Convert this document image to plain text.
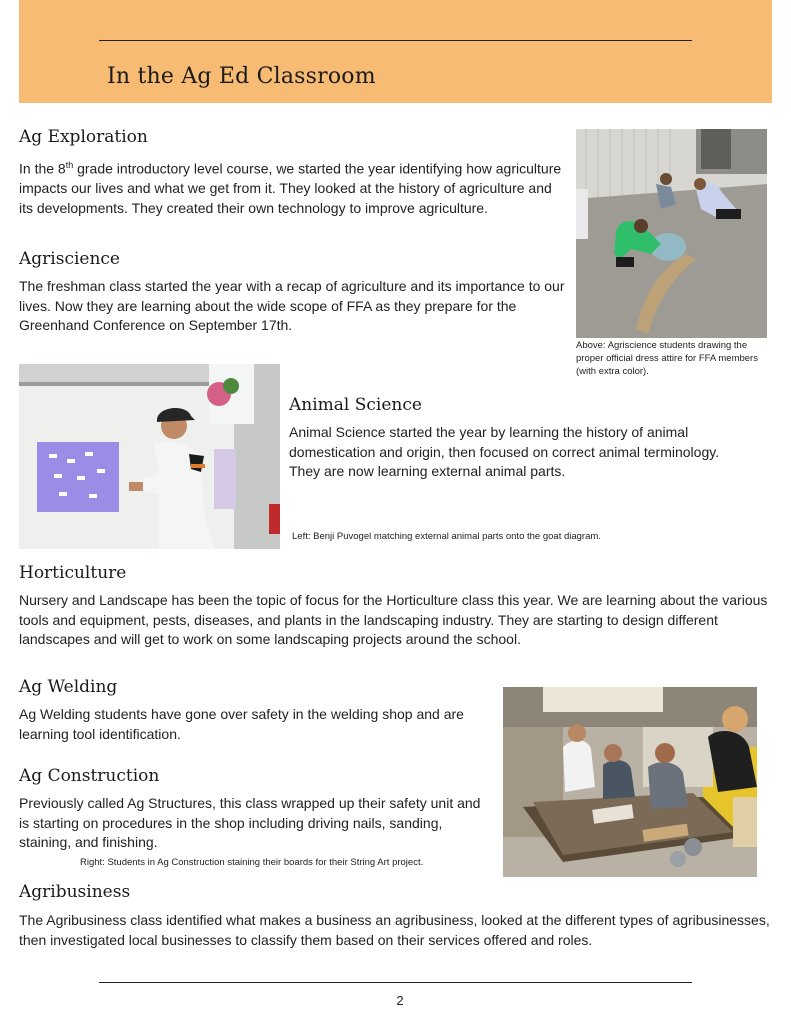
In the Ag Ed Classroom
Ag Exploration

In the 8th grade introductory level course, we started the year identifying how agriculture impacts our lives and what we get from it. They looked at the history of agriculture and its developments. They created their own technology to improve agriculture.

Agriscience

The freshman class started the year with a recap of agriculture and its importance to our lives. Now they are learning about the wide scope of FFA as they prepare for the Greenhand Conference on September 17th.

Above: Agriscience students drawing the proper official dress attire for FFA members (with extra color).

Animal Science

Animal Science started the year by learning the history of animal domestication and origin, then focused on correct animal terminology. They are now learning external animal parts.

Left: Benji Puvogel matching external animal parts onto the goat diagram.

Horticulture

Nursery and Landscape has been the topic of focus for the Horticulture class this year. We are learning about the various tools and equipment, pests, diseases, and plants in the landscaping industry. They are starting to design different landscapes and will get to work on some landscaping projects around the school.

Ag Welding

Ag Welding students have gone over safety in the welding shop and are learning tool identification.

Ag Construction

Previously called Ag Structures, this class wrapped up their safety unit and is starting on procedures in the shop including driving nails, sanding, staining, and finishing.

Right: Students in Ag Construction staining their boards for their String Art project.

Agribusiness

The Agribusiness class identified what makes a business an agribusiness, looked at the different types of agribusinesses, then investigated local businesses to classify them based on their services offered and roles.

2
